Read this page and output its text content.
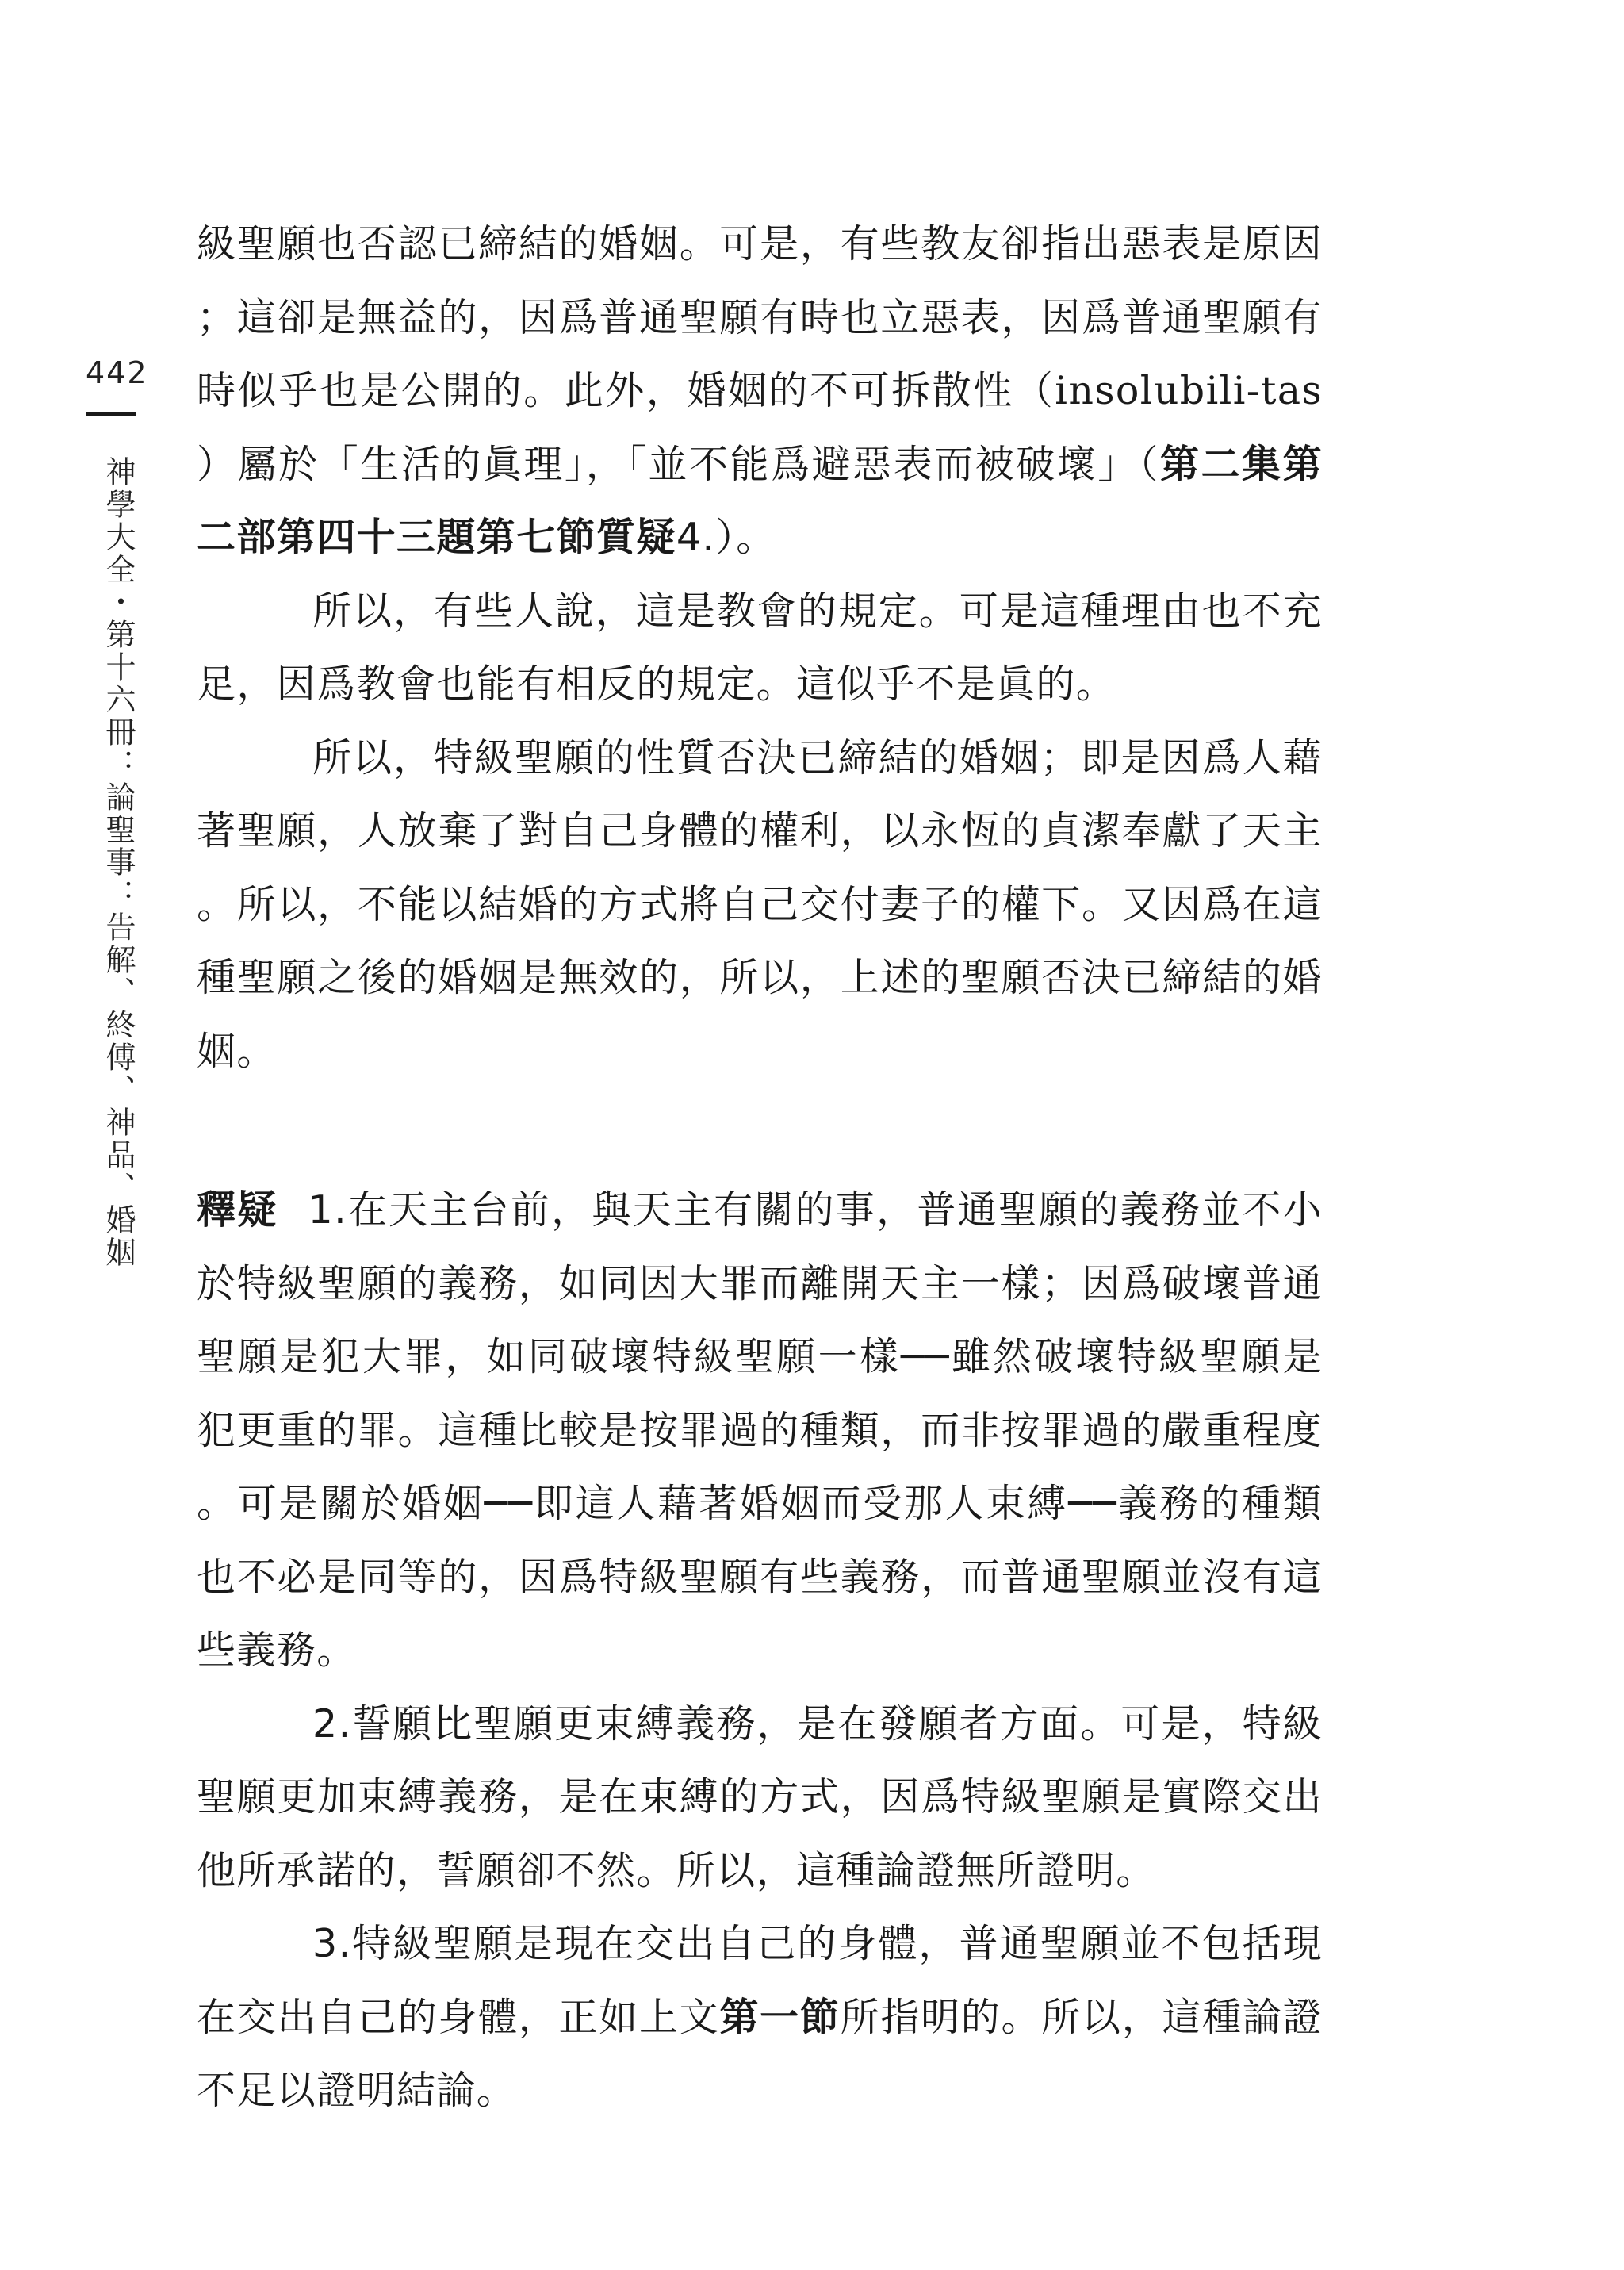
442
神學大全・第十六冊：論聖事：告解、終傅、神品、婚姻

級聖願也否認已締結的婚姻。可是，有些教友卻指出惡表是原因；這卻是無益的，因爲普通聖願有時也立惡表，因爲普通聖願有時似乎也是公開的。此外，婚姻的不可拆散性（insolubili-tas）屬於「生活的眞理」，「並不能爲避惡表而被破壞」（第二集第二部第四十三題第七節質疑4.）。

所以，有些人說，這是教會的規定。可是這種理由也不充足，因爲教會也能有相反的規定。這似乎不是眞的。

所以，特級聖願的性質否決已締結的婚姻；即是因爲人藉著聖願，人放棄了對自己身體的權利，以永恆的貞潔奉獻了天主。所以，不能以結婚的方式將自己交付妻子的權下。又因爲在這種聖願之後的婚姻是無效的，所以，上述的聖願否決已締結的婚姻。

釋疑 1.在天主台前，與天主有關的事，普通聖願的義務並不小於特級聖願的義務，如同因大罪而離開天主一樣；因爲破壞普通聖願是犯大罪，如同破壞特級聖願一樣──雖然破壞特級聖願是犯更重的罪。這種比較是按罪過的種類，而非按罪過的嚴重程度。可是關於婚姻──即這人藉著婚姻而受那人束縛──義務的種類也不必是同等的，因爲特級聖願有些義務，而普通聖願並沒有這些義務。

2.誓願比聖願更束縛義務，是在發願者方面。可是，特級聖願更加束縛義務，是在束縛的方式，因爲特級聖願是實際交出他所承諾的，誓願卻不然。所以，這種論證無所證明。

3.特級聖願是現在交出自己的身體，普通聖願並不包括現在交出自己的身體，正如上文第一節所指明的。所以，這種論證不足以證明結論。
